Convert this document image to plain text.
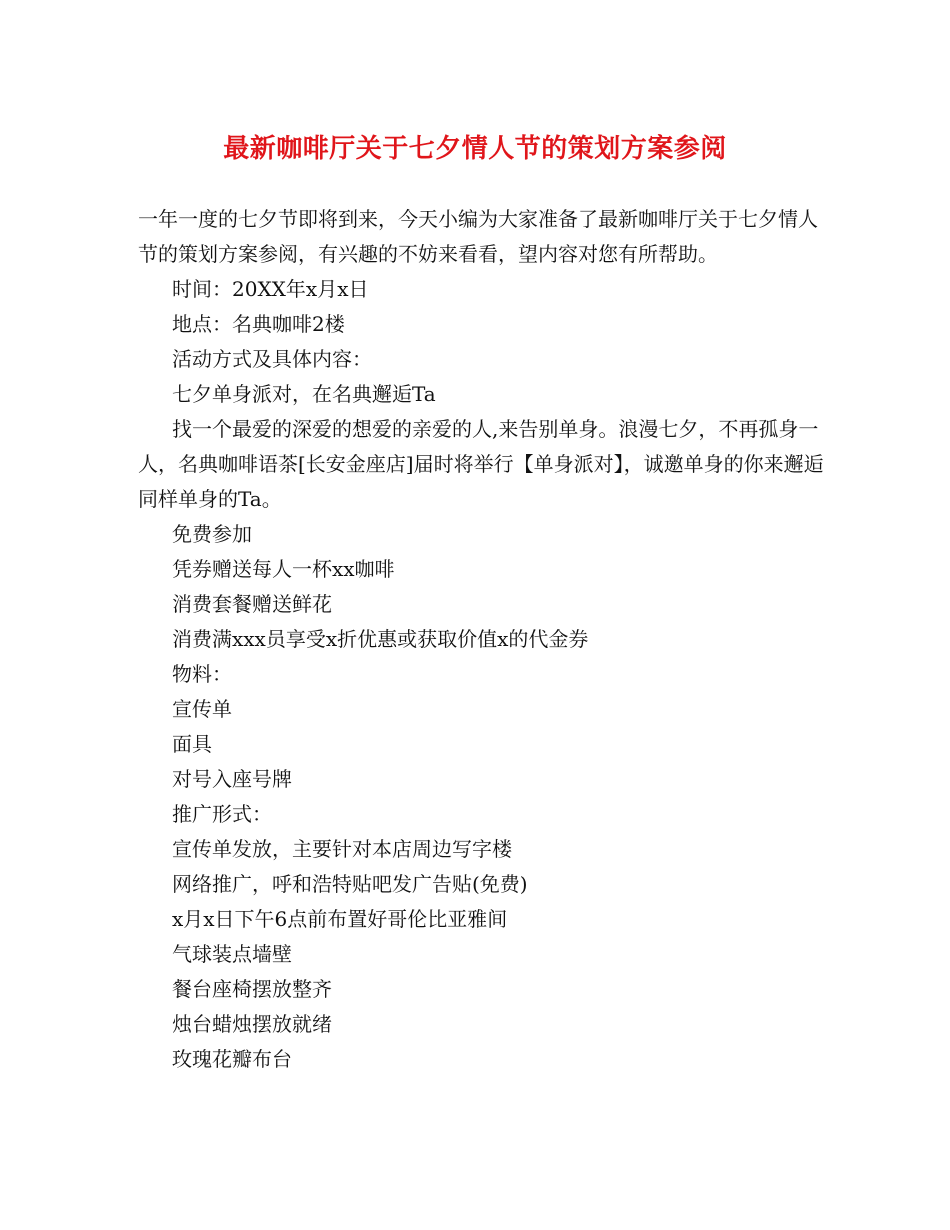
最新咖啡厅关于七夕情人节的策划方案参阅

一年一度的七夕节即将到来，今天小编为大家准备了最新咖啡厅关于七夕情人节的策划方案参阅，有兴趣的不妨来看看，望内容对您有所帮助。

时间：20XX年x月x日

地点：名典咖啡2楼

活动方式及具体内容：

七夕单身派对，在名典邂逅Ta

找一个最爱的深爱的想爱的亲爱的人,来告别单身。浪漫七夕，不再孤身一人，名典咖啡语茶[长安金座店]届时将举行【单身派对】，诚邀单身的你来邂逅同样单身的Ta。

免费参加

凭券赠送每人一杯xx咖啡

消费套餐赠送鲜花

消费满xxx员享受x折优惠或获取价值x的代金券

物料：

宣传单

面具

对号入座号牌

推广形式：

宣传单发放，主要针对本店周边写字楼

网络推广，呼和浩特贴吧发广告贴(免费)

x月x日下午6点前布置好哥伦比亚雅间

气球装点墙壁

餐台座椅摆放整齐

烛台蜡烛摆放就绪

玫瑰花瓣布台
